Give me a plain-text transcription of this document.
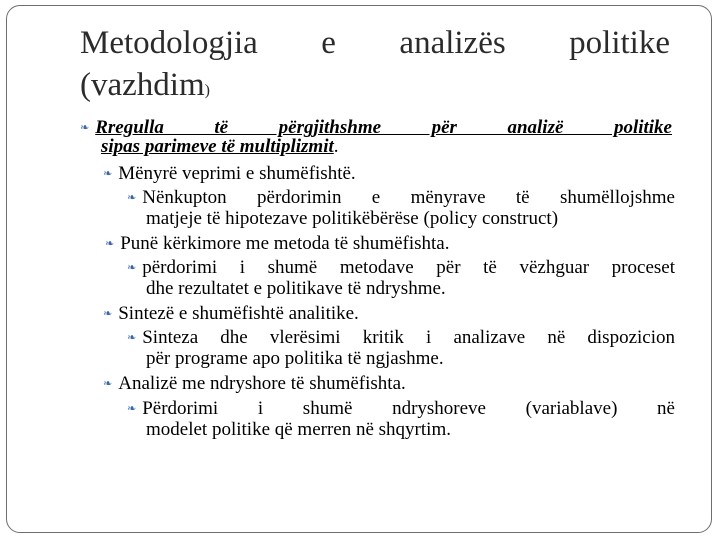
Metodologjia e analizës politike
(vazhdim)
❧ Rregulla të përgjithshme për analizë politike
sipas parimeve të multiplizmit.
❧ Mënyrë veprimi e shumëfishtë.
❧ Nënkupton përdorimin e mënyrave të shumëllojshme
matjeje të hipotezave politikëbërëse (policy construct)
❧ Punë kërkimore me metoda të shumëfishta.
❧ përdorimi i shumë metodave për të vëzhguar proceset
dhe rezultatet e politikave të ndryshme.
❧ Sintezë e shumëfishtë analitike.
❧ Sinteza dhe vlerësimi kritik i analizave në dispozicion
për programe apo politika të ngjashme.
❧ Analizë me ndryshore të shumëfishta.
❧ Përdorimi i shumë ndryshoreve (variablave) në
modelet politike që merren në shqyrtim.
